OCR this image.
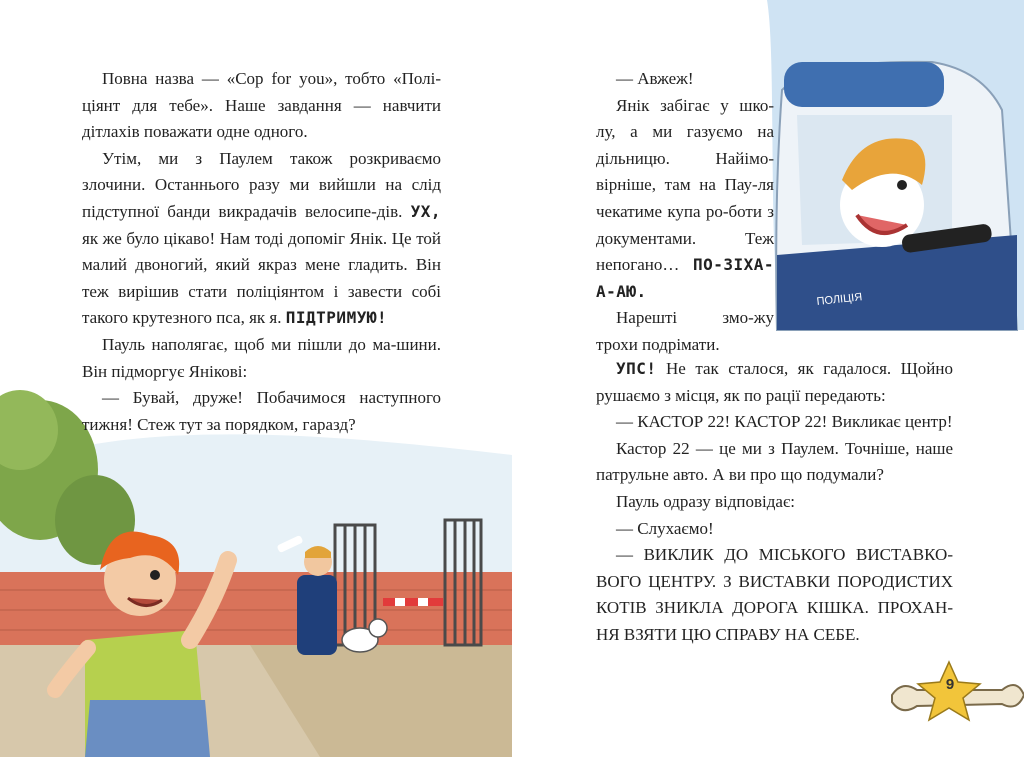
Повна назва — «Cop for you», тобто «Полі-ціянт для тебе». Наше завдання — навчити дітлахів поважати одне одного.

Утім, ми з Паулем також розкриваємо злочини. Останнього разу ми вийшли на слід підступної банди викрадачів велосипе-дів. УХ, як же було цікаво! Нам тоді допоміг Янік. Це той малий двоногий, який якраз мене гладить. Він теж вирішив стати поліціянтом і завести собі такого крутезного пса, як я. ПІДТРИМУЮ!

Пауль наполягає, щоб ми пішли до ма-шини. Він підморгує Янікові:

— Бувай, друже! Побачимося наступного тижня! Стеж тут за порядком, гаразд?

ПОЛІЦІЯ

— Авжеж!

Янік забігає у шко-лу, а ми газуємо на дільницю. Найімо-вірніше, там на Пау-ля чекатиме купа ро-боти з документами. Теж непогано… ПО-ЗІХА-А-АЮ.

Нарешті змо-жу трохи подрімати.

УПС! Не так сталося, як гадалося. Щойно рушаємо з місця, як по рації передають:

— КАСТОР 22! КАСТОР 22! Викликає центр!

Кастор 22 — це ми з Паулем. Точніше, наше патрульне авто. А ви про що подумали?

Пауль одразу відповідає:

— Слухаємо!

— ВИКЛИК ДО МІСЬКОГО ВИСТАВКО-ВОГО ЦЕНТРУ. З ВИСТАВКИ ПОРОДИСТИХ КОТІВ ЗНИКЛА ДОРОГА КІШКА. ПРОХАН-НЯ ВЗЯТИ ЦЮ СПРАВУ НА СЕБЕ.

9
